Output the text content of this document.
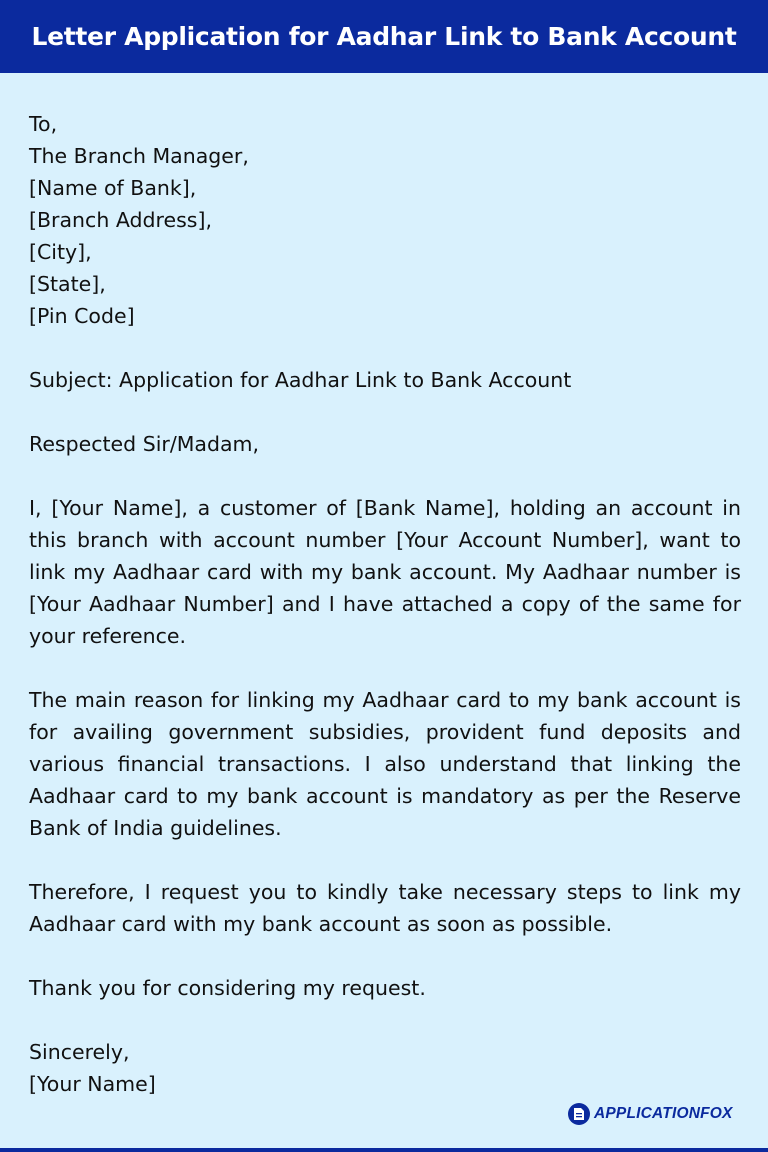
Letter Application for Aadhar Link to Bank Account
To,
The Branch Manager,
[Name of Bank],
[Branch Address],
[City],
[State],
[Pin Code]

Subject: Application for Aadhar Link to Bank Account

Respected Sir/Madam,

I, [Your Name], a customer of [Bank Name], holding an account in this branch with account number [Your Account Number], want to link my Aadhaar card with my bank account. My Aadhaar number is [Your Aadhaar Number] and I have attached a copy of the same for your reference.

The main reason for linking my Aadhaar card to my bank account is for availing government subsidies, provident fund deposits and various financial transactions. I also understand that linking the Aadhaar card to my bank account is mandatory as per the Reserve Bank of India guidelines.

Therefore, I request you to kindly take necessary steps to link my Aadhaar card with my bank account as soon as possible.

Thank you for considering my request.

Sincerely,
[Your Name]
APPLICATIONFOX
